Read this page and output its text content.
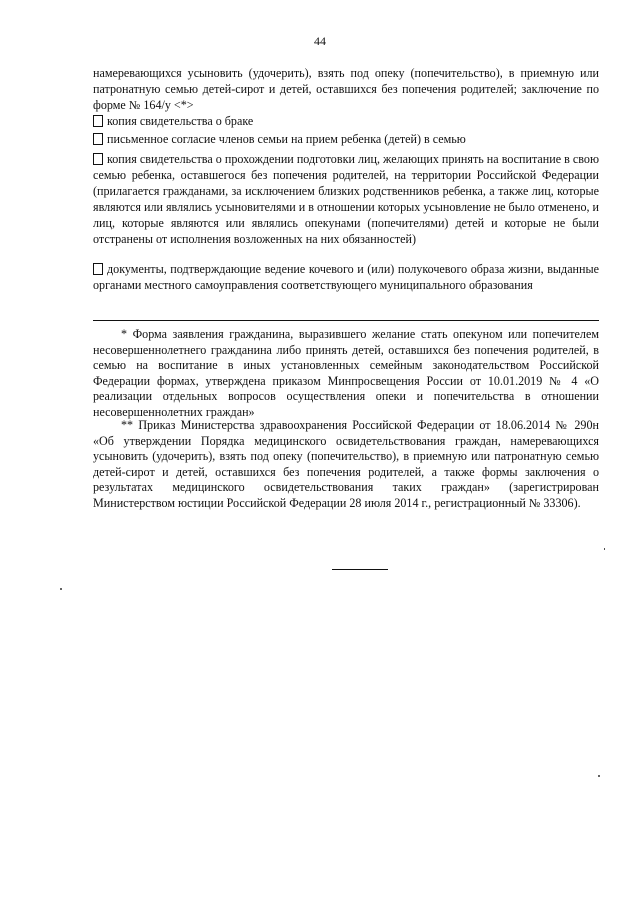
44

намеревающихся усыновить (удочерить), взять под опеку (попечительство), в приемную или патронатную семью детей-сирот и детей, оставшихся без попечения родителей; заключение по форме № 164/у <*>

копия свидетельства о браке

письменное согласие членов семьи на прием ребенка (детей) в семью

копия свидетельства о прохождении подготовки лиц, желающих принять на воспитание в свою семью ребенка, оставшегося без попечения родителей, на территории Российской Федерации (прилагается гражданами, за исключением близких родственников ребенка, а также лиц, которые являются или являлись усыновителями и в отношении которых усыновление не было отменено, и лиц, которые являются или являлись опекунами (попечителями) детей и которые не были отстранены от исполнения возложенных на них обязанностей)

документы, подтверждающие ведение кочевого и (или) полукочевого образа жизни, выданные органами местного самоуправления соответствующего муниципального образования

* Форма заявления гражданина, выразившего желание стать опекуном или попечителем несовершеннолетнего гражданина либо принять детей, оставшихся без попечения родителей, в семью на воспитание в иных установленных семейным законодательством Российской Федерации формах, утверждена приказом Минпросвещения России от 10.01.2019 № 4 «О реализации отдельных вопросов осуществления опеки и попечительства в отношении несовершеннолетних граждан»

** Приказ Министерства здравоохранения Российской Федерации от 18.06.2014 № 290н «Об утверждении Порядка медицинского освидетельствования граждан, намеревающихся усыновить (удочерить), взять под опеку (попечительство), в приемную или патронатную семью детей-сирот и детей, оставшихся без попечения родителей, а также формы заключения о результатах медицинского освидетельствования таких граждан» (зарегистрирован Министерством юстиции Российской Федерации 28 июля 2014 г., регистрационный № 33306).
